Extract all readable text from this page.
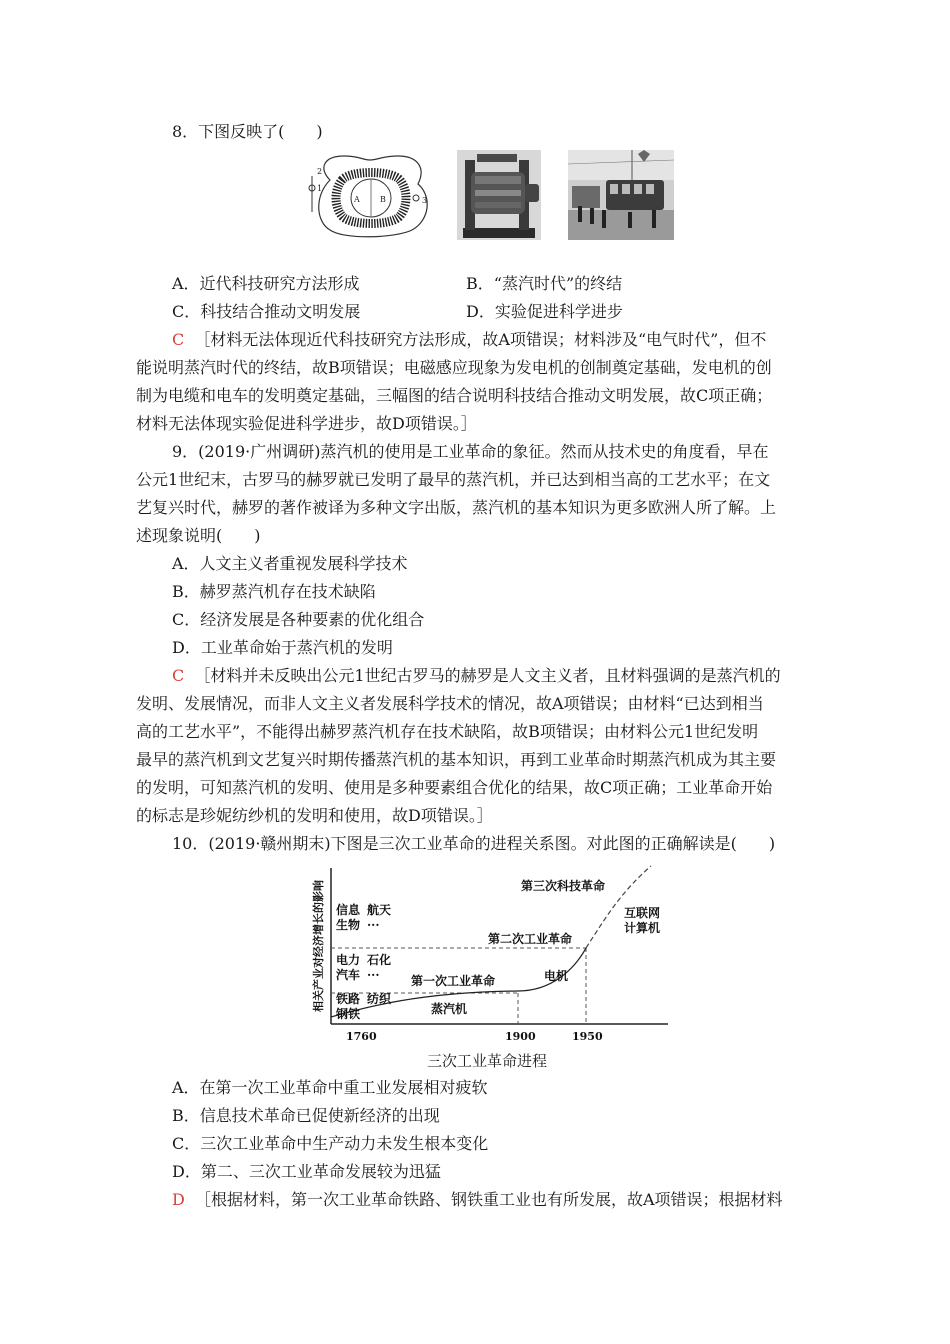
8．下图反映了(　　)
A	B
2
1
3
A．近代科技研究方法形成	B．“蒸汽时代”的终结
C．科技结合推动文明发展	D．实验促进科学进步
C ［材料无法体现近代科技研究方法形成，故A项错误；材料涉及“电气时代”，但不
能说明蒸汽时代的终结，故B项错误；电磁感应现象为发电机的创制奠定基础，发电机的创
制为电缆和电车的发明奠定基础，三幅图的结合说明科技结合推动文明发展，故C项正确；
材料无法体现实验促进科学进步，故D项错误。］
9．(2019·广州调研)蒸汽机的使用是工业革命的象征。然而从技术史的角度看，早在
公元1世纪末，古罗马的赫罗就已发明了最早的蒸汽机，并已达到相当高的工艺水平；在文
艺复兴时代，赫罗的著作被译为多种文字出版，蒸汽机的基本知识为更多欧洲人所了解。上
述现象说明(　　)
A．人文主义者重视发展科学技术
B．赫罗蒸汽机存在技术缺陷
C．经济发展是各种要素的优化组合
D．工业革命始于蒸汽机的发明
C ［材料并未反映出公元1世纪古罗马的赫罗是人文主义者，且材料强调的是蒸汽机的
发明、发展情况，而非人文主义者发展科学技术的情况，故A项错误；由材料“已达到相当
高的工艺水平”，不能得出赫罗蒸汽机存在技术缺陷，故B项错误；由材料公元1世纪发明
最早的蒸汽机到文艺复兴时期传播蒸汽机的基本知识，再到工业革命时期蒸汽机成为其主要
的发明，可知蒸汽机的发明、使用是多种要素组合优化的结果，故C项正确；工业革命开始
的标志是珍妮纺纱机的发明和使用，故D项错误。］
10．(2019·赣州期末)下图是三次工业革命的进程关系图。对此图的正确解读是(　　)
相关产业对经济增长的影响	第一次工业革命
第二次工业革命
第三次科技革命
蒸汽机
电机
互联网
计算机
铁路 纺织
钢铁
电力 石化
汽车 ···
信息 航天
生物 ···
1760	1900	1950
三次工业革命进程
A．在第一次工业革命中重工业发展相对疲软
B．信息技术革命已促使新经济的出现
C．三次工业革命中生产动力未发生根本变化
D．第二、三次工业革命发展较为迅猛
D ［根据材料，第一次工业革命铁路、钢铁重工业也有所发展，故A项错误；根据材料
